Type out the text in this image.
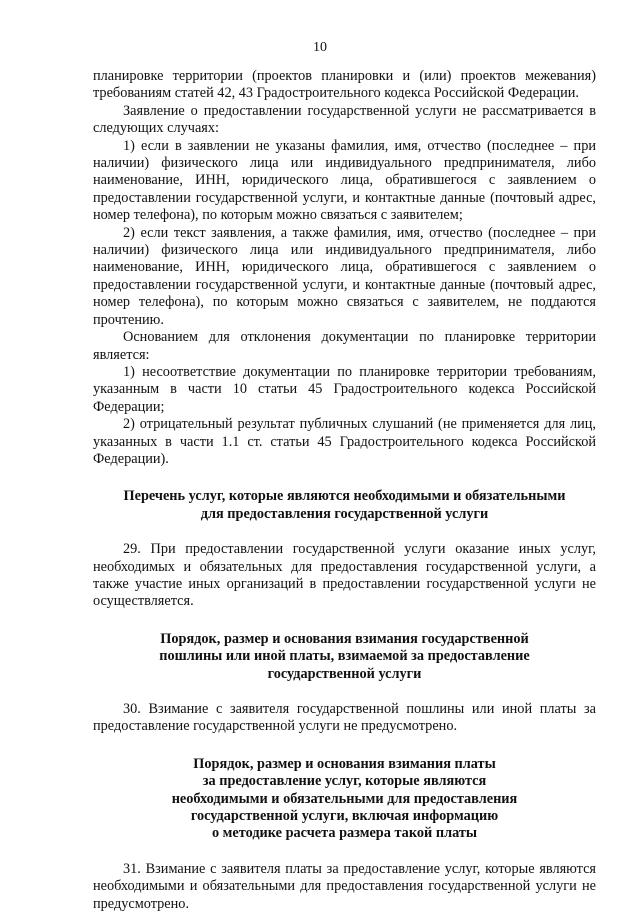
10

планировке территории (проектов планировки и (или) проектов межевания) требованиям статей 42, 43 Градостроительного кодекса Российской Федерации.

Заявление о предоставлении государственной услуги не рассматривается в следующих случаях:

1) если в заявлении не указаны фамилия, имя, отчество (последнее – при наличии) физического лица или индивидуального предпринимателя, либо наименование, ИНН, юридического лица, обратившегося с заявлением о предоставлении государственной услуги, и контактные данные (почтовый адрес, номер телефона), по которым можно связаться с заявителем;

2) если текст заявления, а также фамилия, имя, отчество (последнее – при наличии) физического лица или индивидуального предпринимателя, либо наименование, ИНН, юридического лица, обратившегося с заявлением о предоставлении государственной услуги, и контактные данные (почтовый адрес, номер телефона), по которым можно связаться с заявителем, не поддаются прочтению.

Основанием для отклонения документации по планировке территории является:

1) несоответствие документации по планировке территории требованиям, указанным в части 10 статьи 45 Градостроительного кодекса Российской Федерации;

2) отрицательный результат публичных слушаний (не применяется для лиц, указанных в части 1.1 ст. статьи 45 Градостроительного кодекса Российской Федерации).

Перечень услуг, которые являются необходимыми и обязательными
для предоставления государственной услуги

29. При предоставлении государственной услуги оказание иных услуг, необходимых и обязательных для предоставления государственной услуги, а также участие иных организаций в предоставлении государственной услуги не осуществляется.

Порядок, размер и основания взимания государственной
пошлины или иной платы, взимаемой за предоставление
государственной услуги

30. Взимание с заявителя государственной пошлины или иной платы за предоставление государственной услуги не предусмотрено.

Порядок, размер и основания взимания платы
за предоставление услуг, которые являются
необходимыми и обязательными для предоставления
государственной услуги, включая информацию
о методике расчета размера такой платы

31. Взимание с заявителя платы за предоставление услуг, которые являются необходимыми и обязательными для предоставления государственной услуги не предусмотрено.
